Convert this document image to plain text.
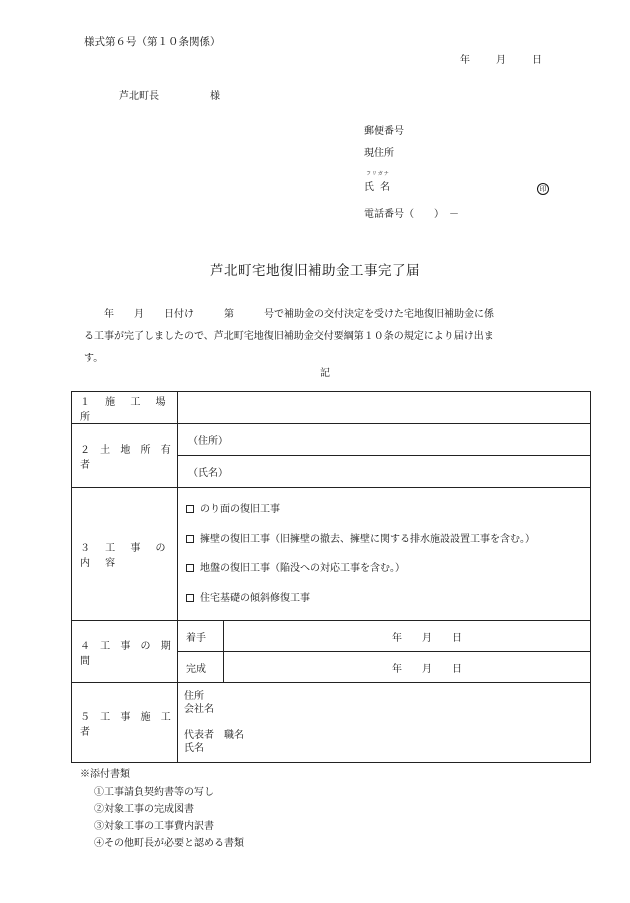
様式第６号（第１０条関係）
年	月	日
芦北町長	様
郵便番号
現住所
フリガナ
氏名	印
電話番号（　　）　－
芦北町宅地復旧補助金工事完了届
　　年　　月　　日付け　　　第　　　号で補助金の交付決定を受けた宅地復旧補助金に係
る工事が完了しましたので、芦北町宅地復旧補助金交付要綱第１０条の規定により届け出ま
す。
記
１ 施 工 場 所		
２ 土 地 所 有 者	（住所）	
	（氏名）	
３ 工 事 の 内 容	のり面の復旧工事
擁壁の復旧工事（旧擁壁の撤去、擁壁に関する排水施設設置工事を含む。）
地盤の復旧工事（陥没への対応工事を含む。）
住宅基礎の傾斜修復工事	

４ 工 事 の 期 間	着手	年 月 日
	完成	年 月 日
５ 工 事 施 工 者	住所
会社名
代表者　職名
氏名	
※添付書類
①工事請負契約書等の写し
②対象工事の完成図書
③対象工事の工事費内訳書
④その他町長が必要と認める書類
